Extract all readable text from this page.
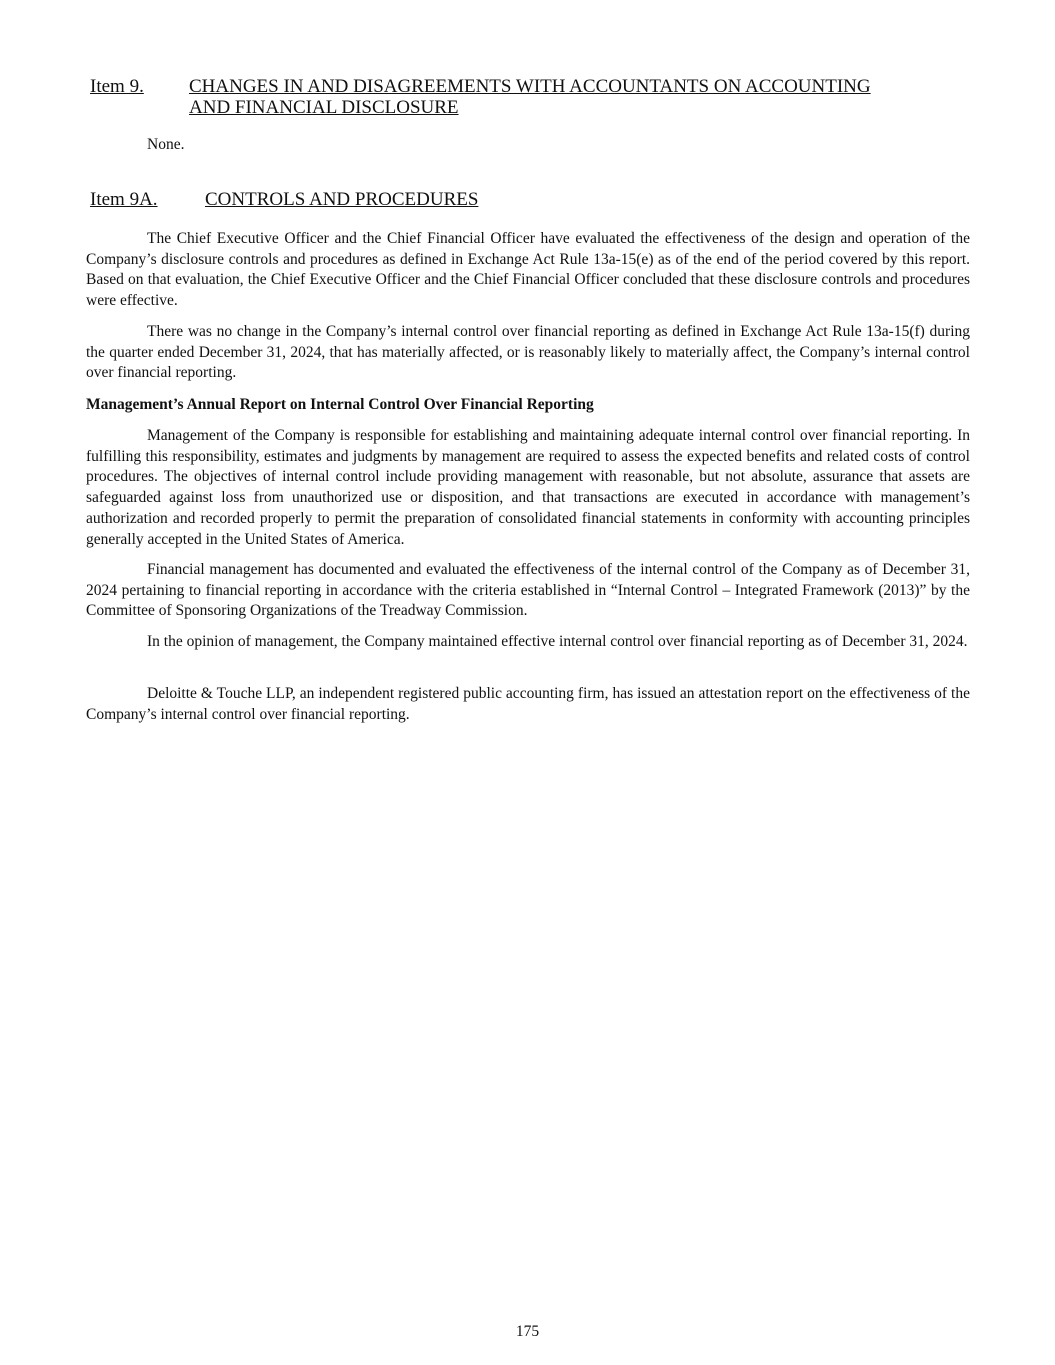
Item 9. CHANGES IN AND DISAGREEMENTS WITH ACCOUNTANTS ON ACCOUNTING
AND FINANCIAL DISCLOSURE

None.

Item 9A. CONTROLS AND PROCEDURES

The Chief Executive Officer and the Chief Financial Officer have evaluated the effectiveness of the design and operation of the Company’s disclosure controls and procedures as defined in Exchange Act Rule 13a-15(e) as of the end of the period covered by this report. Based on that evaluation, the Chief Executive Officer and the Chief Financial Officer concluded that these disclosure controls and procedures were effective.

There was no change in the Company’s internal control over financial reporting as defined in Exchange Act Rule 13a-15(f) during the quarter ended December 31, 2024, that has materially affected, or is reasonably likely to materially affect, the Company’s internal control over financial reporting.

Management’s Annual Report on Internal Control Over Financial Reporting

Management of the Company is responsible for establishing and maintaining adequate internal control over financial reporting. In fulfilling this responsibility, estimates and judgments by management are required to assess the expected benefits and related costs of control procedures. The objectives of internal control include providing management with reasonable, but not absolute, assurance that assets are safeguarded against loss from unauthorized use or disposition, and that transactions are executed in accordance with management’s authorization and recorded properly to permit the preparation of consolidated financial statements in conformity with accounting principles generally accepted in the United States of America.

Financial management has documented and evaluated the effectiveness of the internal control of the Company as of December 31, 2024 pertaining to financial reporting in accordance with the criteria established in “Internal Control – Integrated Framework (2013)” by the Committee of Sponsoring Organizations of the Treadway Commission.

In the opinion of management, the Company maintained effective internal control over financial reporting as of December 31, 2024.

Deloitte & Touche LLP, an independent registered public accounting firm, has issued an attestation report on the effectiveness of the Company’s internal control over financial reporting.

175
